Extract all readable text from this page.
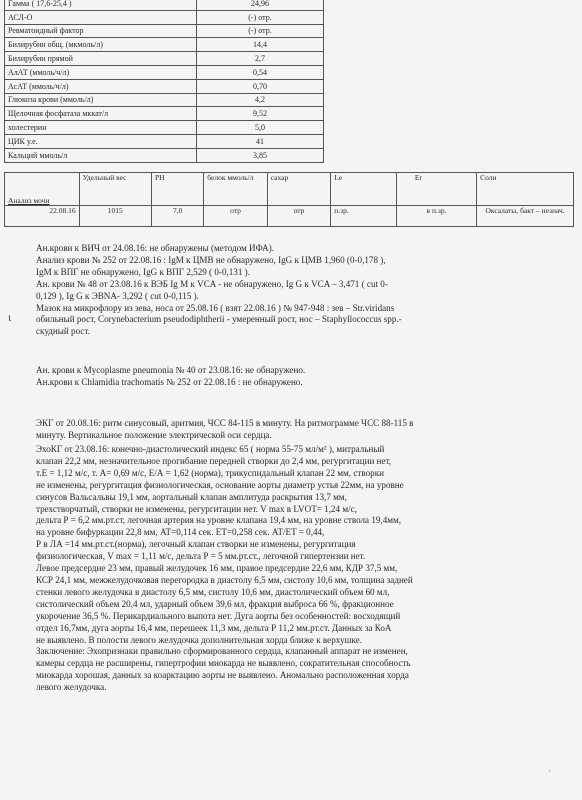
Гамма ( 17,6-25,4 )	24,96
АСЛ-О	(-) отр.
Ревматоидный фактор	(-) отр.
Билирубин общ. (мкмоль/л)	14,4
Билирубин прямой	2,7
АлАТ (ммоль/ч/л)	0,54
АсАТ (ммоль/ч/л)	0,70
Глюкоза крови (ммоль/л)	4,2
Щелочная фосфатаза мккат/л	9,52
холестерин	5,0
ЦИК у.е.	41
Кальций ммоль/л	3,85
Анализ мочи	Удельный вес	PH	белок ммоль/л	сахар	Le	Er	Соли
22.08.16	1015	7,0	отр	отр	п.зр.	в п.зр.	Оксалаты, бакт – незнач.
ι

Ан.крови к ВИЧ от 24.08.16: не обнаружены (методом ИФА).

Анализ крови № 252 от 22.08.16 : IgM к ЦМВ не обнаружено, IgG к ЦМВ 1,960 (0-0,178 ),

IgM к ВПГ не обнаружено, IgG к ВПГ 2,529 ( 0-0,131 ).

Ан. крови № 48 от 23.08.16 к ВЭБ Ig M к VCA - не обнаружено, Ig G к VCA – 3,471 ( cut 0-

0,129 ), Ig G к ЭВNA- 3,292 ( cut 0-0,115 ).

Мазок на микрофлору из зева, носа от 25.08.16 ( взят 22.08.16 ) № 947-948 : зев – Str.viridans

обильный рост, Corynebacterium pseudodiphtherii - умеренный рост, нос – Staphyllococcus spp.-

скудный рост.

Ан. крови к Mycoplasme pneumonia № 40 от 23.08.16: не обнаружено.

Ан.крови к Chlamidia trachomatis № 252 от 22.08.16 : не обнаружено.

ЭКГ от 20.08.16: ритм синусовый, аритмия, ЧСС 84-115 в минуту. На ритмограмме ЧСС 88-115 в

минуту. Вертикальное положение электрической оси сердца.

ЭхоКГ от 23.08.16: конечно-диастолический индекс 65 ( норма 55-75 мл/м² ), митральный

клапан 22,2 мм, незначительное прогибание передней створки до 2,4 мм, регургитации нет,

т.Е = 1,12 м/с, т. А= 0,69 м/с, Е/А = 1,62 (норма), трикуспидальный клапан 22 мм, створки

не изменены, регургитация физиологическая, основание аорты диаметр устья 22мм, на уровне

синусов Вальсальвы 19,1 мм, аортальный клапан амплитуда раскрытия 13,7 мм,

трехстворчатый, створки не изменены, регургитации нет. V max в LVOT= 1,24 м/с,

дельта Р = 6,2 мм.рт.ст, легочная артерия на уровне клапана 19,4 мм, на уровне ствола 19,4мм,

на уровне бифуркации 22,8 мм, AT=0,114 сек. ET=0,258 сек. AT/ET = 0,44,

Р в ЛА =14 мм.рт.ст.(норма), легочный клапан створки не изменены, регургитация

физиологическая, V max = 1,11 м/с, дельта Р = 5 мм.рт.ст., легочной гипертензии нет.

Левое предсердие 23 мм, правый желудочек 16 мм, правое предсердие 22,6 мм, КДР 37,5 мм,

КСР 24,1 мм, межжелудочковая перегородка в диастолу 6,5 мм, систолу 10,6 мм, толщина задней

стенки левого желудочка в диастолу 6,5 мм, систолу 10,6 мм, диастолический объем 60 мл,

систолический объем 20,4 мл, ударный объем 39,6 мл, фракция выброса 66 %, фракционное

укорочение 36,5 %. Перикардиального выпота нет. Дуга аорты без особенностей: восходящий

отдел 16,7мм, дуга аорты 16,4 мм, перешеек 11,3 мм, дельта Р 11,2 мм.рт.ст. Данных за КоА

не выявлено. В полости левого желудочка дополнительная хорда ближе к верхушке.

Заключение: Эхопризнаки правильно сформированного сердца, клапанный аппарат не изменен,

камеры сердца не расширены, гипертрофии миокарда не выявлено, сократительная способность

миокарда хорошая, данных за коарктацию аорты не выявлено. Аномально расположенная хорда

левого желудочка.

·
